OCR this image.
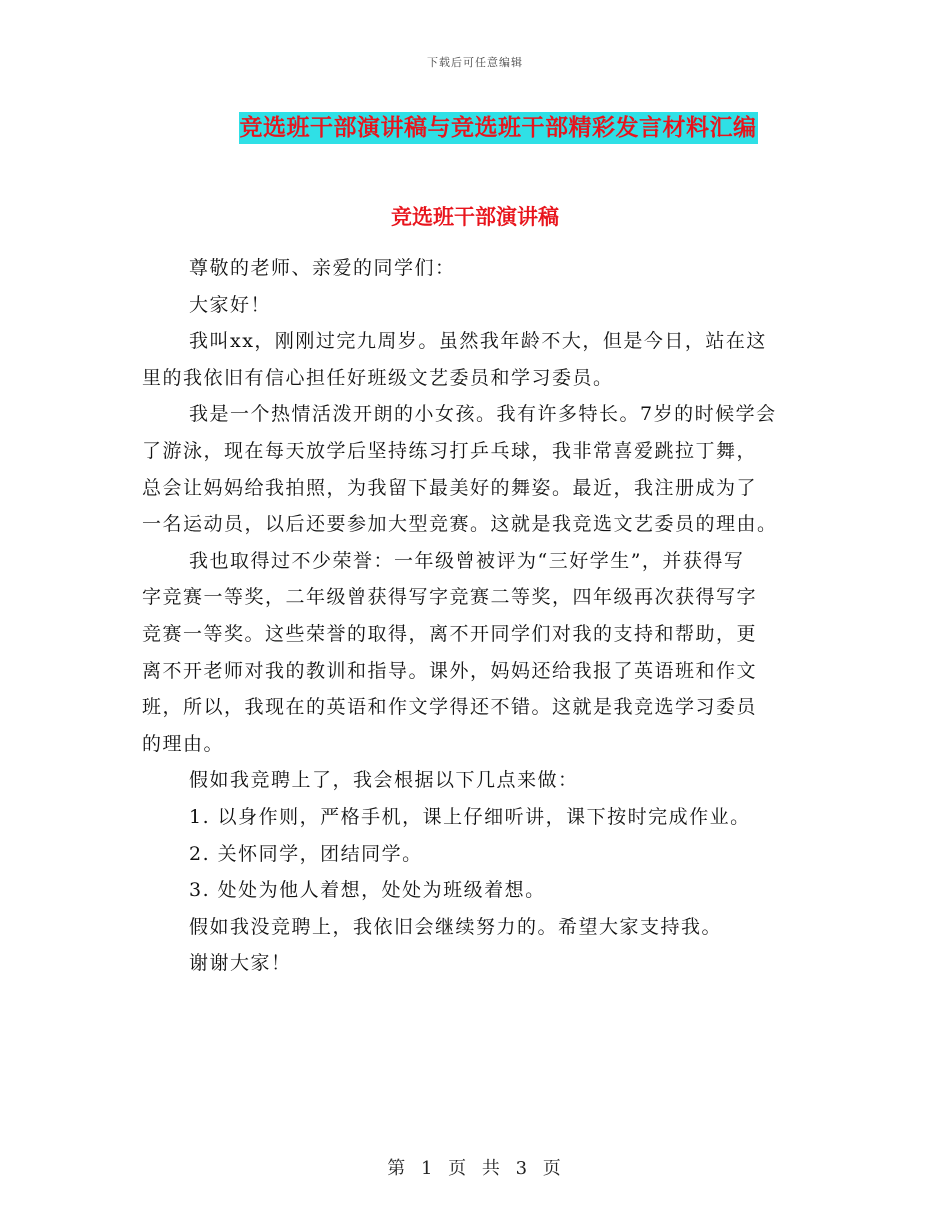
下载后可任意编辑
竞选班干部演讲稿与竞选班干部精彩发言材料汇编
竞选班干部演讲稿

尊敬的老师、亲爱的同学们：

大家好！

我叫xx，刚刚过完九周岁。虽然我年龄不大，但是今日，站在这
里的我依旧有信心担任好班级文艺委员和学习委员。

我是一个热情活泼开朗的小女孩。我有许多特长。7岁的时候学会
了游泳，现在每天放学后坚持练习打乒乓球，我非常喜爱跳拉丁舞，
总会让妈妈给我拍照，为我留下最美好的舞姿。最近，我注册成为了
一名运动员，以后还要参加大型竞赛。这就是我竞选文艺委员的理由。

我也取得过不少荣誉：一年级曾被评为“三好学生”，并获得写
字竞赛一等奖，二年级曾获得写字竞赛二等奖，四年级再次获得写字
竞赛一等奖。这些荣誉的取得，离不开同学们对我的支持和帮助，更
离不开老师对我的教训和指导。课外，妈妈还给我报了英语班和作文
班，所以，我现在的英语和作文学得还不错。这就是我竞选学习委员
的理由。

假如我竞聘上了，我会根据以下几点来做：

1. 以身作则，严格手机，课上仔细听讲，课下按时完成作业。

2. 关怀同学，团结同学。

3. 处处为他人着想，处处为班级着想。

假如我没竞聘上，我依旧会继续努力的。希望大家支持我。

谢谢大家！

第 1 页 共 3 页
